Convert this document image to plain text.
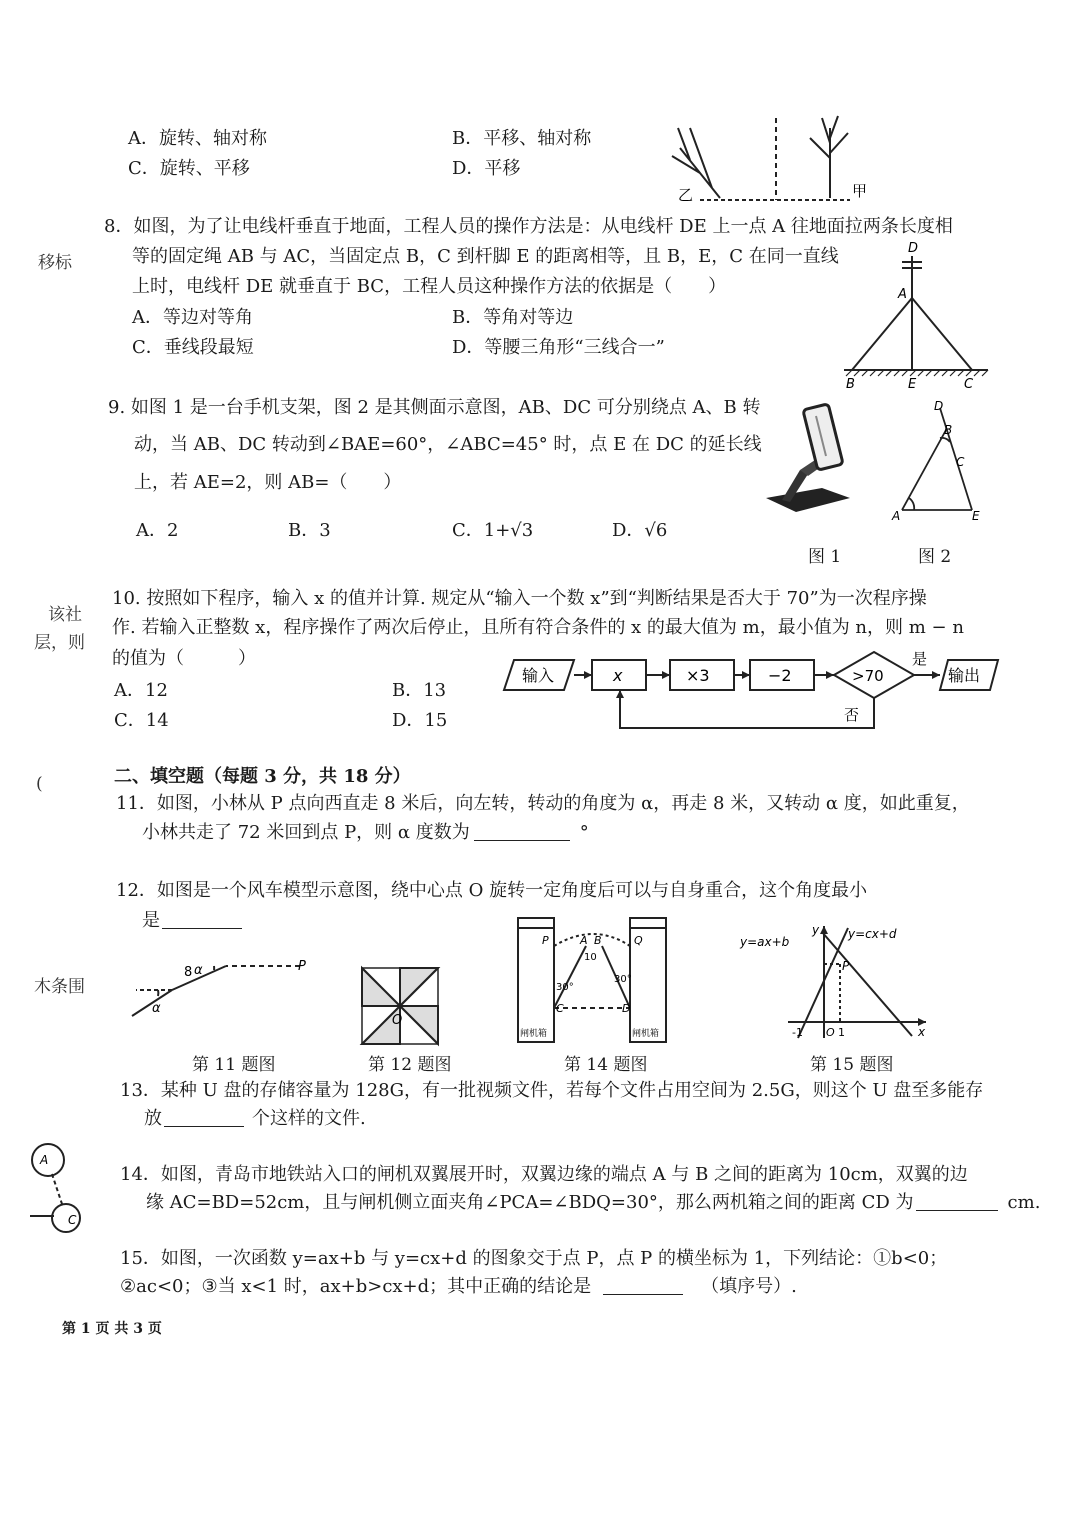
移标
该社
层，则
(
木条围
A．旋转、轴对称	B．平移、轴对称
C．旋转、平移	D．平移
乙	甲
8．如图，为了让电线杆垂直于地面，工程人员的操作方法是：从电线杆 DE 上一点 A 往地面拉两条长度相
等的固定绳 AB 与 AC，当固定点 B，C 到杆脚 E 的距离相等，且 B，E，C 在同一直线
上时，电线杆 DE 就垂直于 BC，工程人员这种操作方法的依据是（　　）
A．等边对等角	B．等角对等边
C．垂线段最短	D．等腰三角形“三线合一”
D
A
B	E	C
9. 如图 1 是一台手机支架，图 2 是其侧面示意图，AB、DC 可分别绕点 A、B 转
动，当 AB、DC 转动到∠BAE=60°，∠ABC=45° 时，点 E 在 DC 的延长线
上，若 AE=2，则 AB=（　　）
A．2	B．3	C．1+√3	D．√6
图 1
D
B
C
A	E
图 2
10. 按照如下程序，输入 x 的值并计算. 规定从“输入一个数 x”到“判断结果是否大于 70”为一次程序操
作. 若输入正整数 x，程序操作了两次后停止，且所有符合条件的 x 的最大值为 m，最小值为 n，则 m − n
的值为（　　　）
A．12	B．13
C．14	D．15
输入	x	×3	−2	>70	输出
是
否
二、填空题（每题 3 分，共 18 分）
11．如图，小林从 P 点向西直走 8 米后，向左转，转动的角度为 α，再走 8 米，又转动 α 度，如此重复，
小林共走了 72 米回到点 P，则 α 度数为	°
12．如图是一个风车模型示意图，绕中心点 O 旋转一定角度后可以与自身重合，这个角度最小
是
8 α
α
P
第 11 题图
O
第 12 题图
P	A B	Q
10
30°
30°
C	D
闸机箱	闸机箱
第 14 题图
y=ax+b
y y=cx+d
P
-1 O 1	x
第 15 题图
13．某种 U 盘的存储容量为 128G，有一批视频文件，若每个文件占用空间为 2.5G，则这个 U 盘至多能存
放	个这样的文件.
A
C
14．如图，青岛市地铁站入口的闸机双翼展开时，双翼边缘的端点 A 与 B 之间的距离为 10cm，双翼的边
缘 AC=BD=52cm，且与闸机侧立面夹角∠PCA=∠BDQ=30°，那么两机箱之间的距离 CD 为	cm.
15．如图，一次函数 y=ax+b 与 y=cx+d 的图象交于点 P，点 P 的横坐标为 1，下列结论：①b<0；
②ac<0；③当 x<1 时，ax+b>cx+d；其中正确的结论是	（填序号）.
第 1 页 共 3 页
